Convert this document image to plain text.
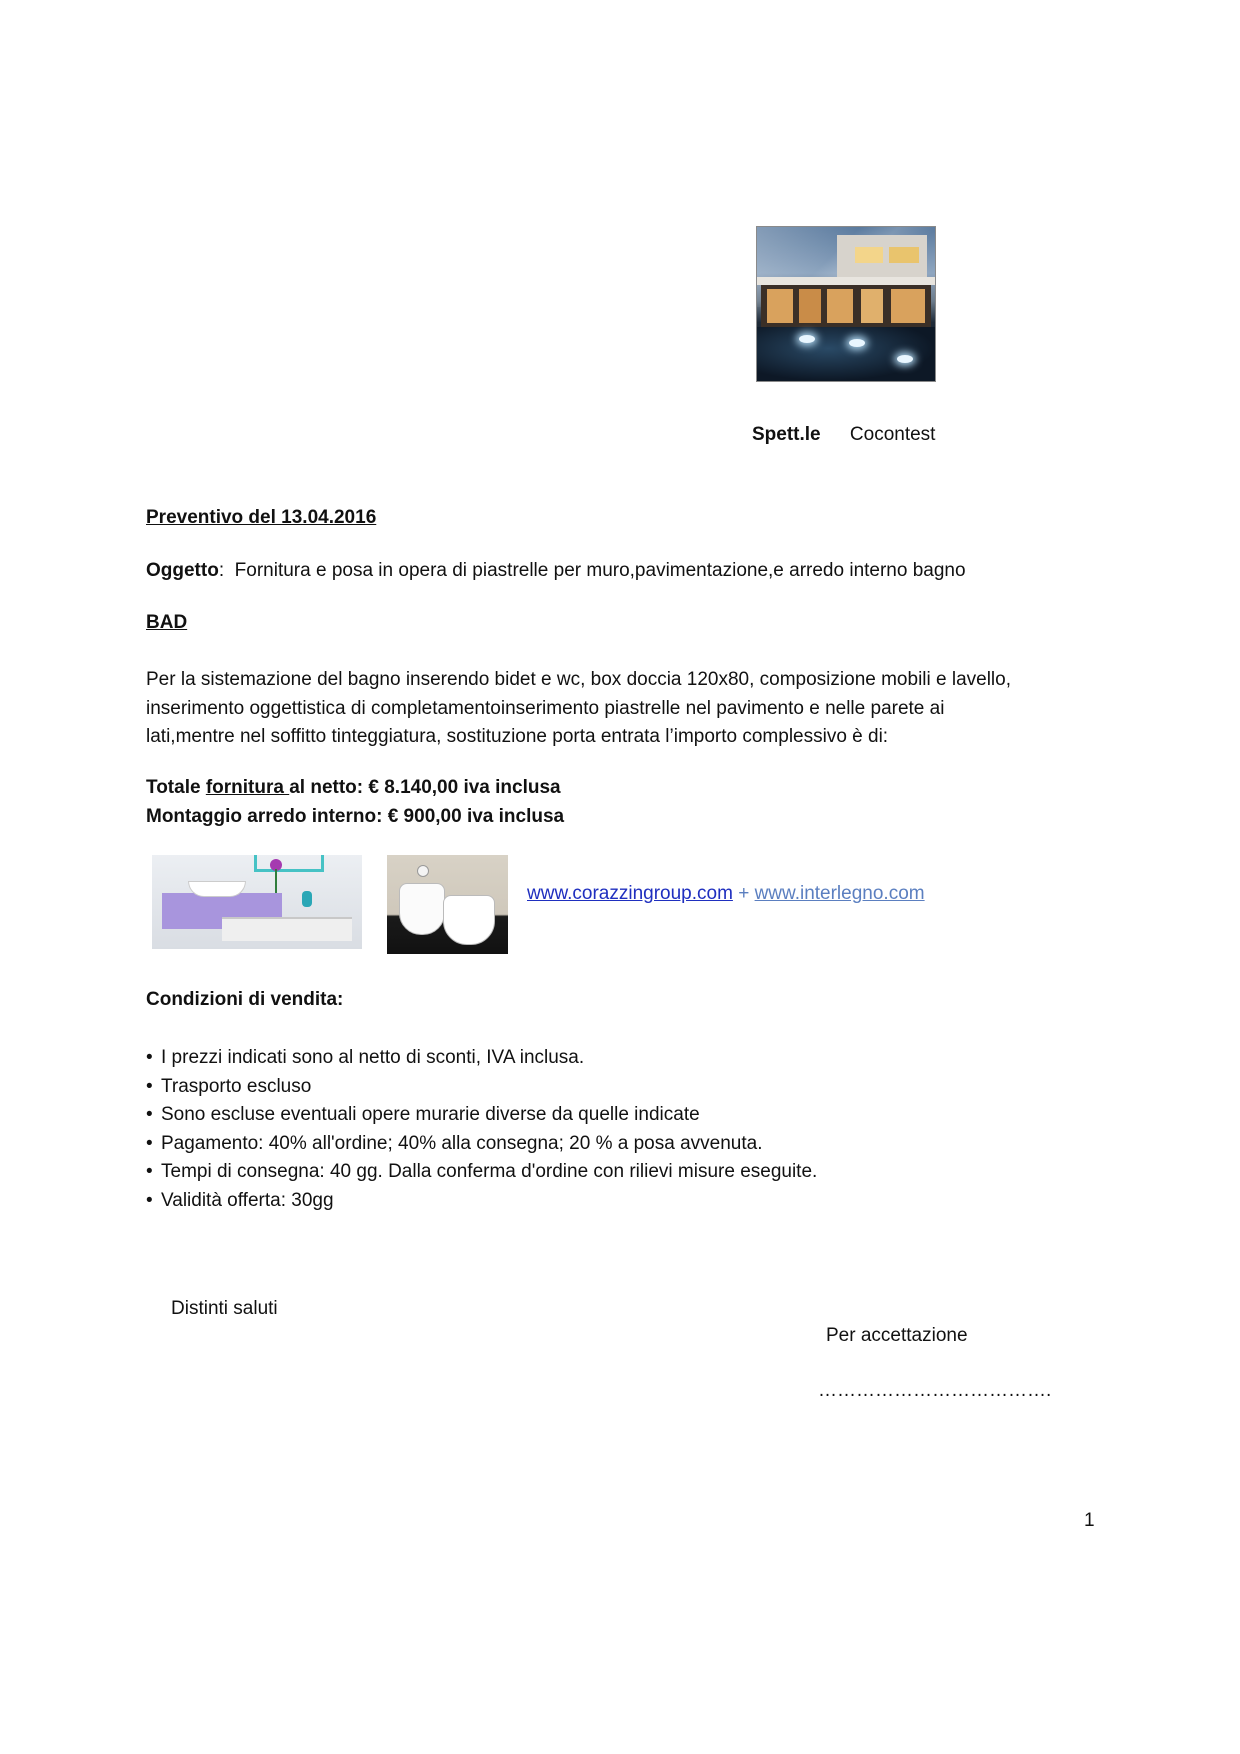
Spett.le Cocontest
Preventivo del 13.04.2016
Oggetto: Fornitura e posa in opera di piastrelle per muro,pavimentazione,e arredo interno bagno
BAD
Per la sistemazione del bagno inserendo bidet e wc, box doccia 120x80, composizione mobili e lavello,
inserimento oggettistica di completamentoinserimento piastrelle nel pavimento e nelle parete ai
lati,mentre nel soffitto tinteggiatura, sostituzione porta entrata l’importo complessivo è di:
Totale fornitura al netto: € 8.140,00 iva inclusa
Montaggio arredo interno: € 900,00 iva inclusa
www.corazzingroup.com + www.interlegno.com
Condizioni di vendita:
• I prezzi indicati sono al netto di sconti, IVA inclusa.
• Trasporto escluso
• Sono escluse eventuali opere murarie diverse da quelle indicate
• Pagamento: 40% all'ordine; 40% alla consegna; 20 % a posa avvenuta.
• Tempi di consegna: 40 gg. Dalla conferma d'ordine con rilievi misure eseguite.
• Validità offerta: 30gg
Distinti saluti
Per accettazione
……………………………….
1
